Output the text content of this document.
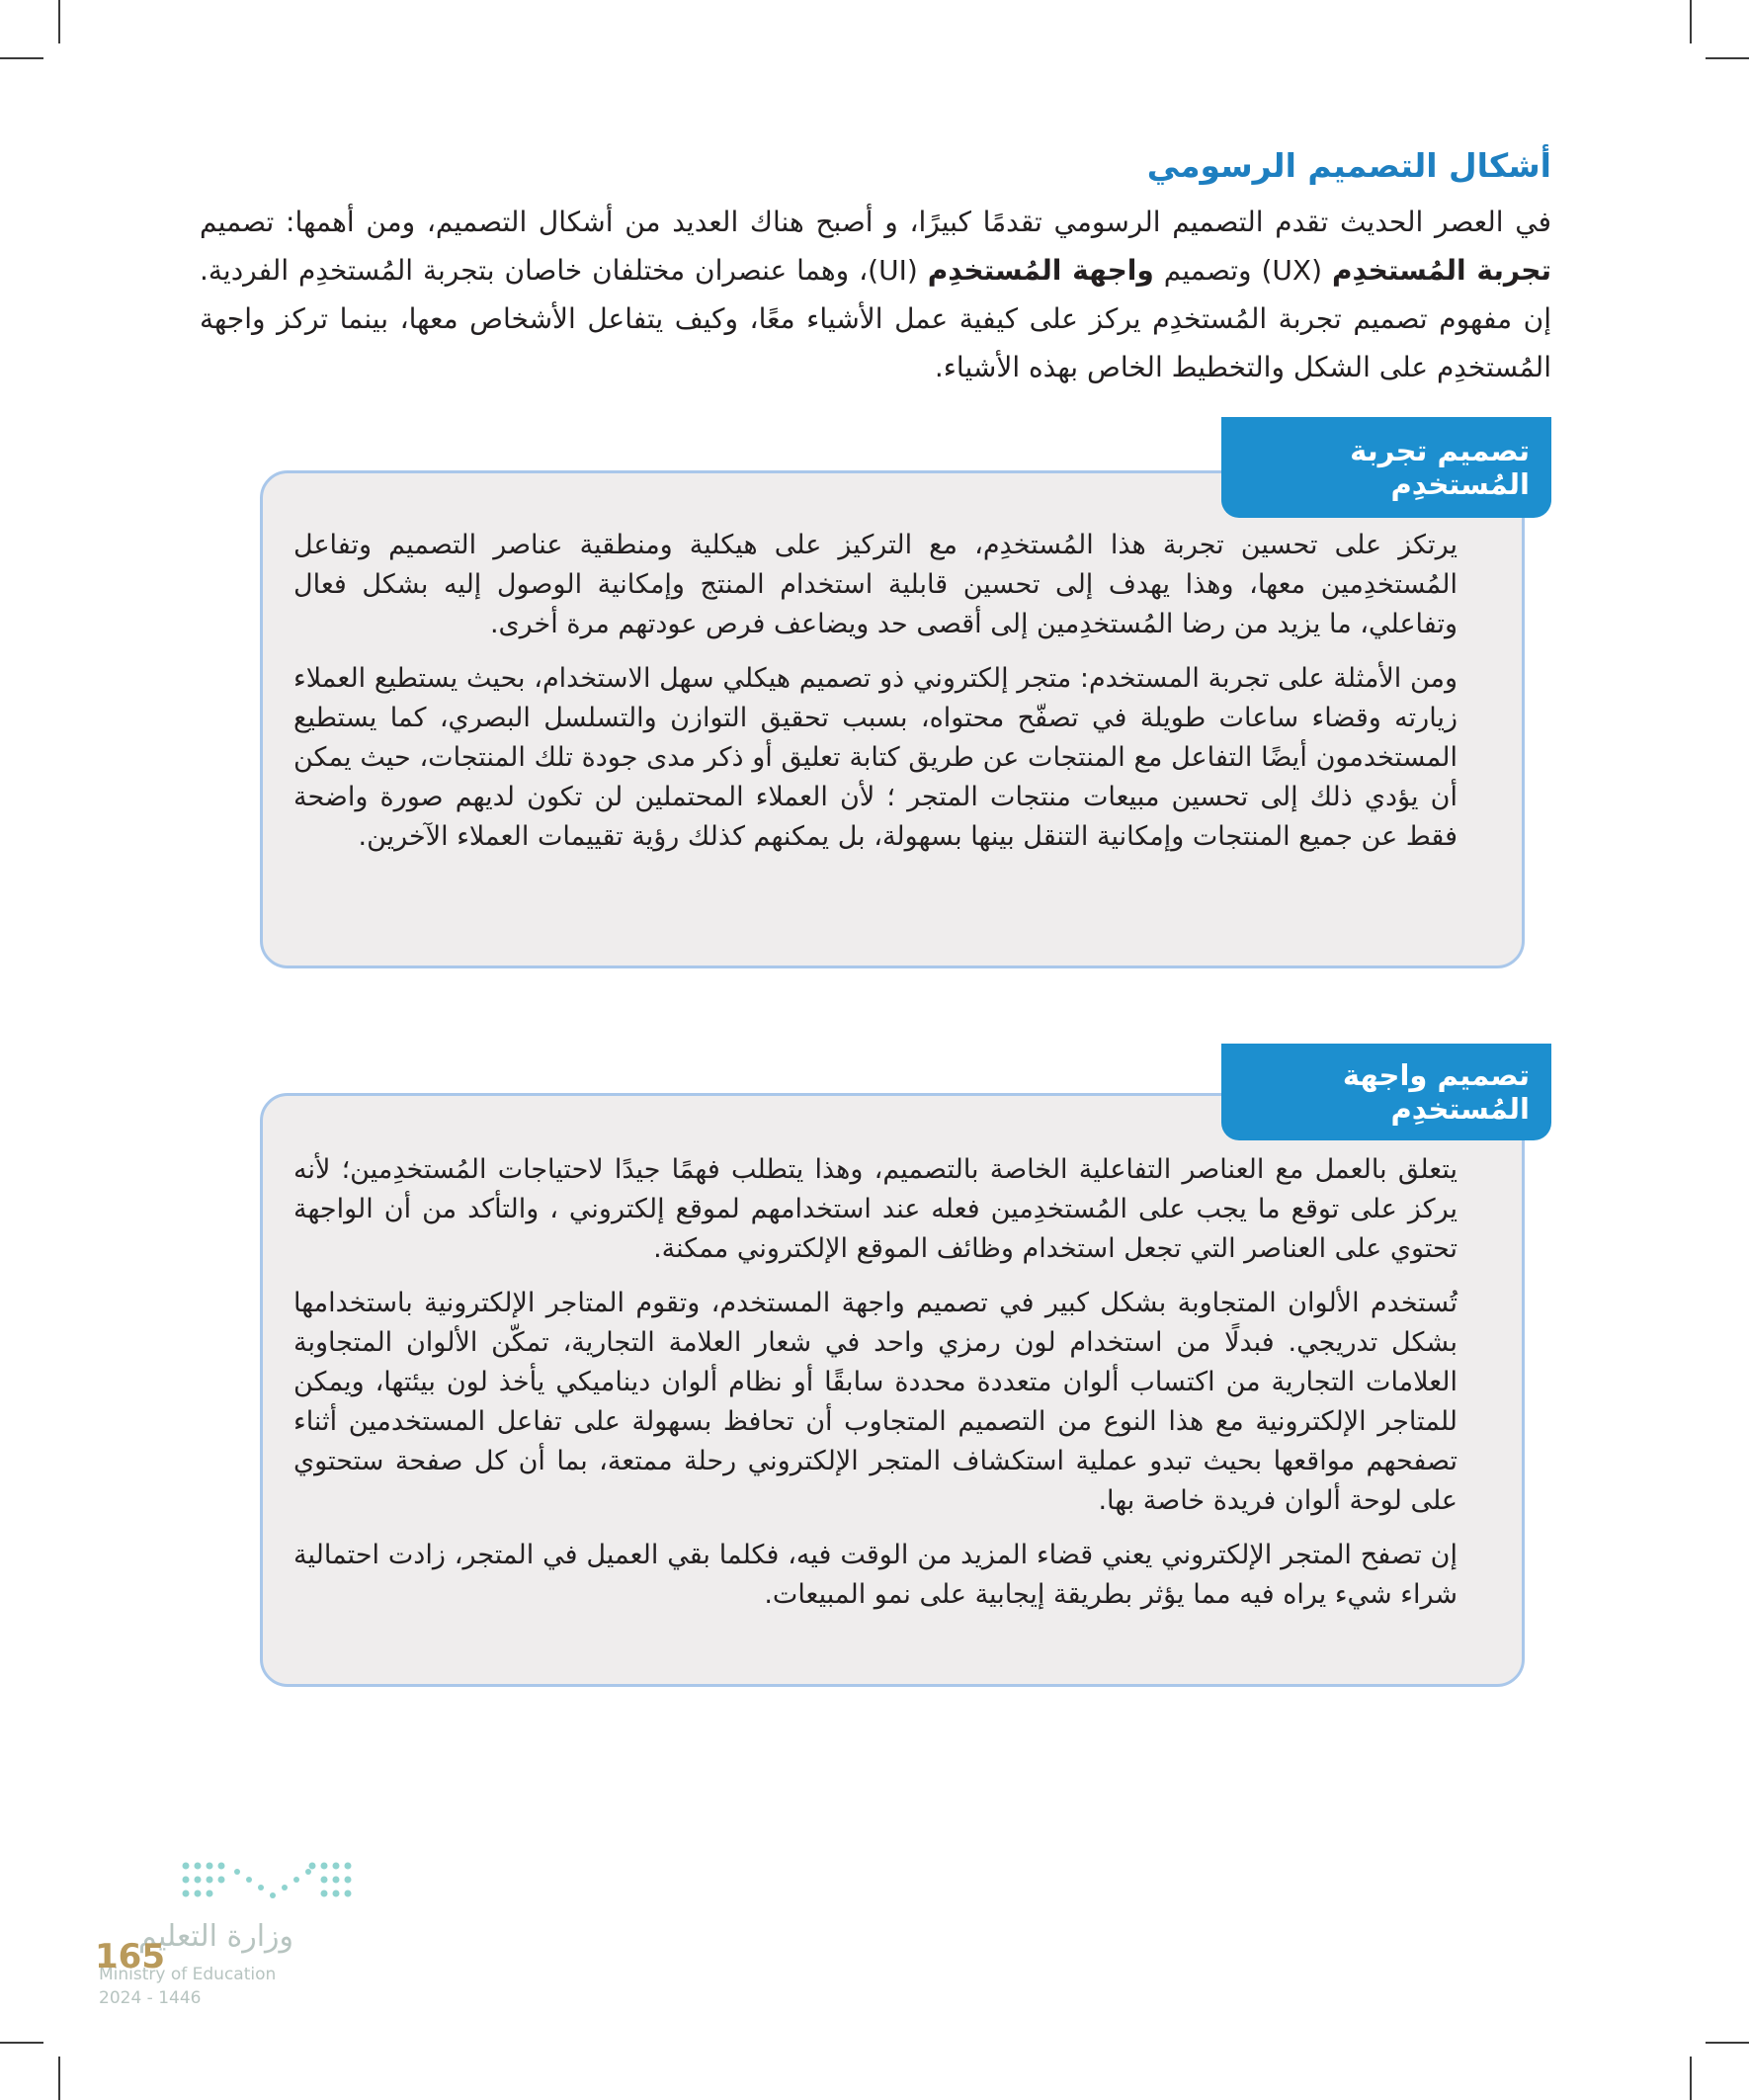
أشكال التصميم الرسومي

في العصر الحديث تقدم التصميم الرسومي تقدمًا كبيرًا، و أصبح هناك العديد من أشكال التصميم، ومن أهمها: تصميم تجربة المُستخدِم (UX) وتصميم واجهة المُستخدِم (UI)، وهما عنصران مختلفان خاصان بتجربة المُستخدِم الفردية. إن مفهوم تصميم تجربة المُستخدِم يركز على كيفية عمل الأشياء معًا، وكيف يتفاعل الأشخاص معها، بينما تركز واجهة المُستخدِم على الشكل والتخطيط الخاص بهذه الأشياء.

تصميم تجربة المُستخدِم

يرتكز على تحسين تجربة هذا المُستخدِم، مع التركيز على هيكلية ومنطقية عناصر التصميم وتفاعل المُستخدِمين معها، وهذا يهدف إلى تحسين قابلية استخدام المنتج وإمكانية الوصول إليه بشكل فعال وتفاعلي، ما يزيد من رضا المُستخدِمين إلى أقصى حد ويضاعف فرص عودتهم مرة أخرى.

ومن الأمثلة على تجربة المستخدم: متجر إلكتروني ذو تصميم هيكلي سهل الاستخدام، بحيث يستطيع العملاء زيارته وقضاء ساعات طويلة في تصفّح محتواه، بسبب تحقيق التوازن والتسلسل البصري، كما يستطيع المستخدمون أيضًا التفاعل مع المنتجات عن طريق كتابة تعليق أو ذكر مدى جودة تلك المنتجات، حيث يمكن أن يؤدي ذلك إلى تحسين مبيعات منتجات المتجر ؛ لأن العملاء المحتملين لن تكون لديهم صورة واضحة فقط عن جميع المنتجات وإمكانية التنقل بينها بسهولة، بل يمكنهم كذلك رؤية تقييمات العملاء الآخرين.

تصميم واجهة المُستخدِم

يتعلق بالعمل مع العناصر التفاعلية الخاصة بالتصميم، وهذا يتطلب فهمًا جيدًا لاحتياجات المُستخدِمين؛ لأنه يركز على توقع ما يجب على المُستخدِمين فعله عند استخدامهم لموقع إلكتروني ، والتأكد من أن الواجهة تحتوي على العناصر التي تجعل استخدام وظائف الموقع الإلكتروني ممكنة.

تُستخدم الألوان المتجاوبة بشكل كبير في تصميم واجهة المستخدم، وتقوم المتاجر الإلكترونية باستخدامها بشكل تدريجي. فبدلًا من استخدام لون رمزي واحد في شعار العلامة التجارية، تمكّن الألوان المتجاوبة العلامات التجارية من اكتساب ألوان متعددة محددة سابقًا أو نظام ألوان ديناميكي يأخذ لون بيئتها، ويمكن للمتاجر الإلكترونية مع هذا النوع من التصميم المتجاوب أن تحافظ بسهولة على تفاعل المستخدمين أثناء تصفحهم مواقعها بحيث تبدو عملية استكشاف المتجر الإلكتروني رحلة ممتعة، بما أن كل صفحة ستحتوي على لوحة ألوان فريدة خاصة بها.

إن تصفح المتجر الإلكتروني يعني قضاء المزيد من الوقت فيه، فكلما بقي العميل في المتجر، زادت احتمالية شراء شيء يراه فيه مما يؤثر بطريقة إيجابية على نمو المبيعات.

وزارة التعليم
Ministry of Education
2024 - 1446
165
